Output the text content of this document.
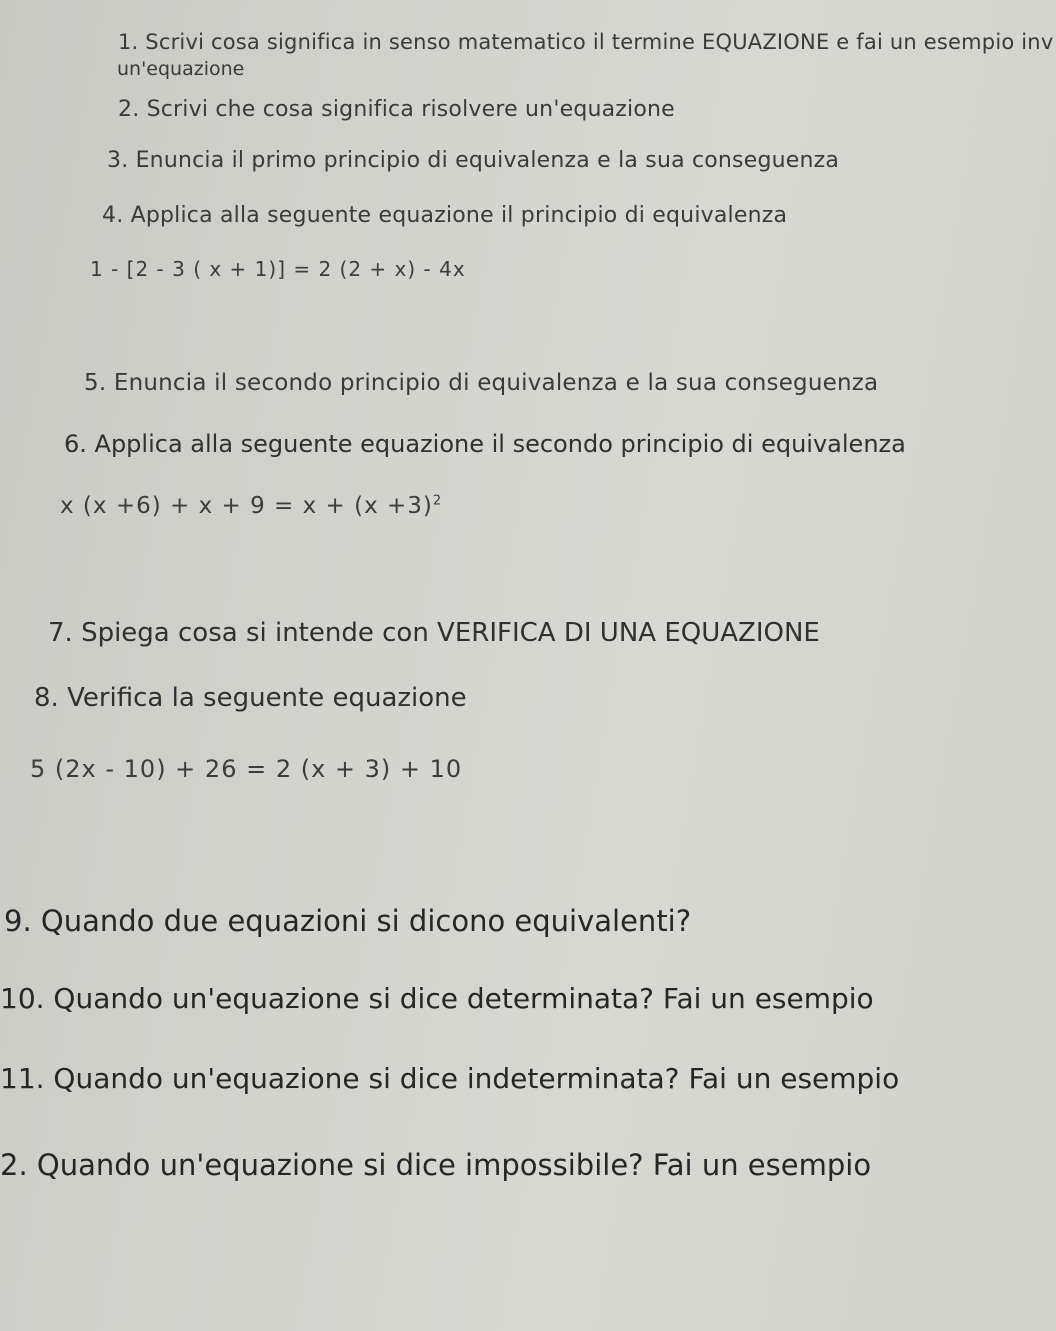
1. Scrivi cosa significa in senso matematico il termine EQUAZIONE e fai un esempio inv
un'equazione
2. Scrivi che cosa significa risolvere un'equazione
3. Enuncia il primo principio di equivalenza e la sua conseguenza
4. Applica alla seguente equazione il principio di equivalenza
1 - [2 - 3 ( x + 1)] = 2 (2 + x) - 4x
5. Enuncia il secondo principio di equivalenza e la sua conseguenza
6. Applica alla seguente equazione il secondo principio di equivalenza
x $(x +6) + x + 9 = x + (x +3)^2$
7. Spiega cosa si intende con VERIFICA DI UNA EQUAZIONE
8. Verifica la seguente equazione
5 (2x - 10) + 26 = 2 (x + 3) + 10
9. Quando due equazioni si dicono equivalenti?
10. Quando un'equazione si dice determinata? Fai un esempio
11. Quando un'equazione si dice indeterminata? Fai un esempio
2. Quando un'equazione si dice impossibile? Fai un esempio
